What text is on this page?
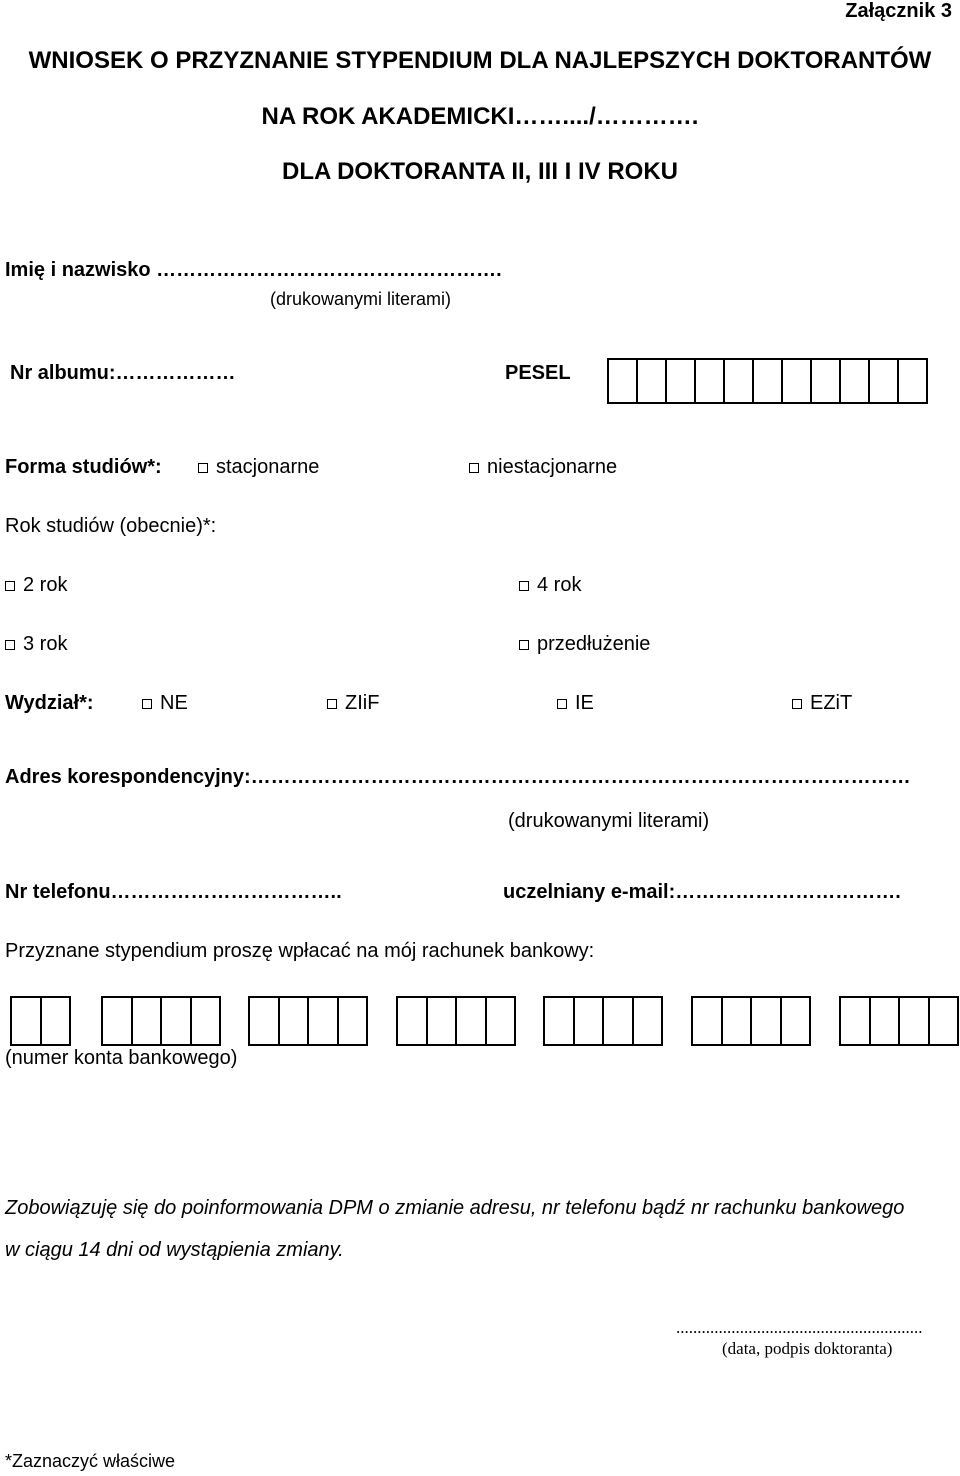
Załącznik 3
WNIOSEK O PRZYZNANIE STYPENDIUM DLA NAJLEPSZYCH DOKTORANTÓW
NA ROK AKADEMICKI……..../………….
DLA DOKTORANTA II, III I IV ROKU
Imię i nazwisko …………………………………………….
(drukowanymi literami)
Nr albumu:………………	PESEL
Forma studiów*:	stacjonarne	niestacjonarne
Rok studiów (obecnie)*:
2 rok	4 rok
3 rok	przedłużenie
Wydział*:	NE	ZIiF	IE	EZiT
Adres korespondencyjny:………………………………………………………………………………………
(drukowanymi literami)
Nr telefonu……………………………..	uczelniany e-mail:…………………………….
Przyznane stypendium proszę wpłacać na mój rachunek bankowy:
(numer konta bankowego)
Zobowiązuję się do poinformowania DPM o zmianie adresu, nr telefonu bądź nr rachunku bankowego
w ciągu 14 dni od wystąpienia zmiany.
..........................................................
(data, podpis doktoranta)
*Zaznaczyć właściwe
